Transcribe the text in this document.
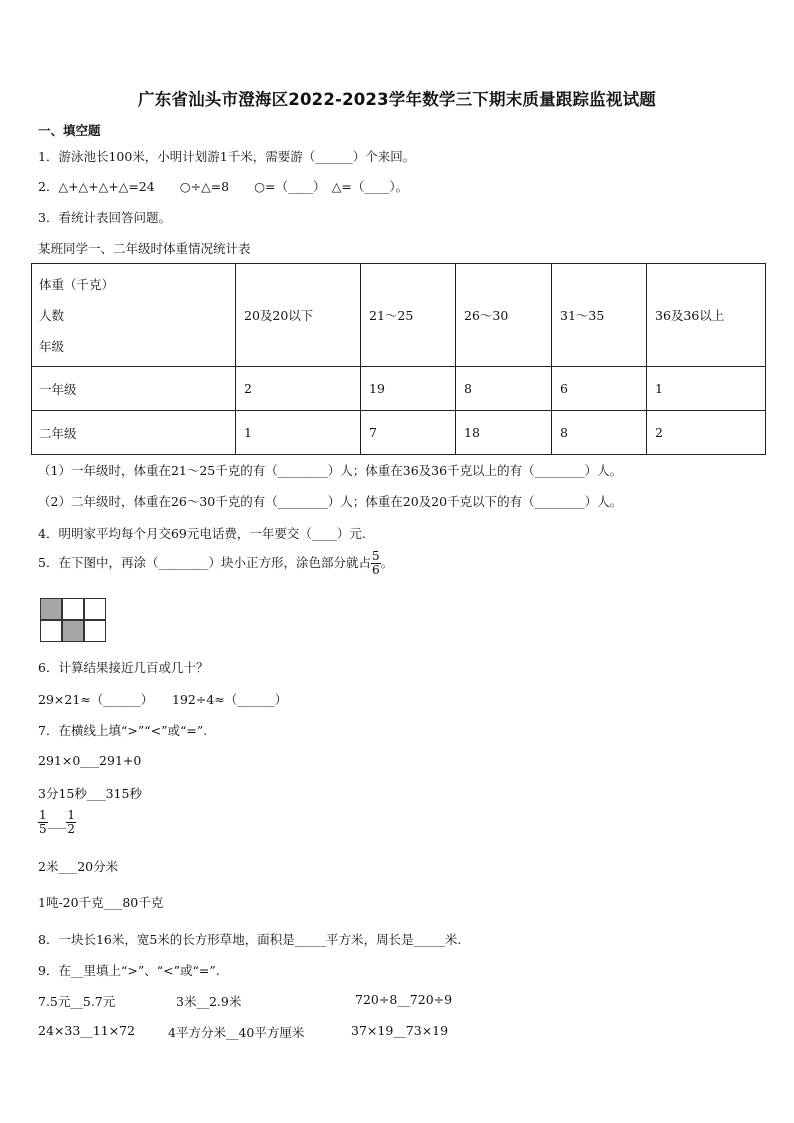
广东省汕头市澄海区2022-2023学年数学三下期末质量跟踪监视试题
一、填空题
1．游泳池长100米，小明计划游1千米，需要游（______）个来回。
2．△+△+△+△=24　　○÷△=8　　○=（____）　△=（____）。
3．看统计表回答问题。
某班同学一、二年级时体重情况统计表
体重（千克）
人数
年级	20及20以下	21～25	26～30	31～35	36及36以上
一年级	2	19	8	6	1
二年级	1	7	18	8	2
（1）一年级时，体重在21～25千克的有（________）人；体重在36及36千克以上的有（________）人。
（2）二年级时，体重在26～30千克的有（________）人；体重在20及20千克以下的有（________）人。
4．明明家平均每个月交69元电话费，一年要交（____）元.
5．在下图中，再涂（________）块小正方形，涂色部分就占 $\frac{5}{6}$ 。
6．计算结果接近几百或几十？
29×21≈（______） 192÷4≈（______）
7．在横线上填“>”“<”或“=”.
291×0___291+0
3分15秒___315秒
$\frac{1}{5}$ ___ $\frac{1}{2}$
2米___20分米
1吨-20千克___80千克
8．一块长16米，宽5米的长方形草地，面积是_____平方米，周长是_____米.
9．在__里填上“>”、“<”或“=”.
7.5元__5.7元	3米__2.9米	720÷8__720÷9
24×33__11×72	4平方分米__40平方厘米	37×19__73×19
